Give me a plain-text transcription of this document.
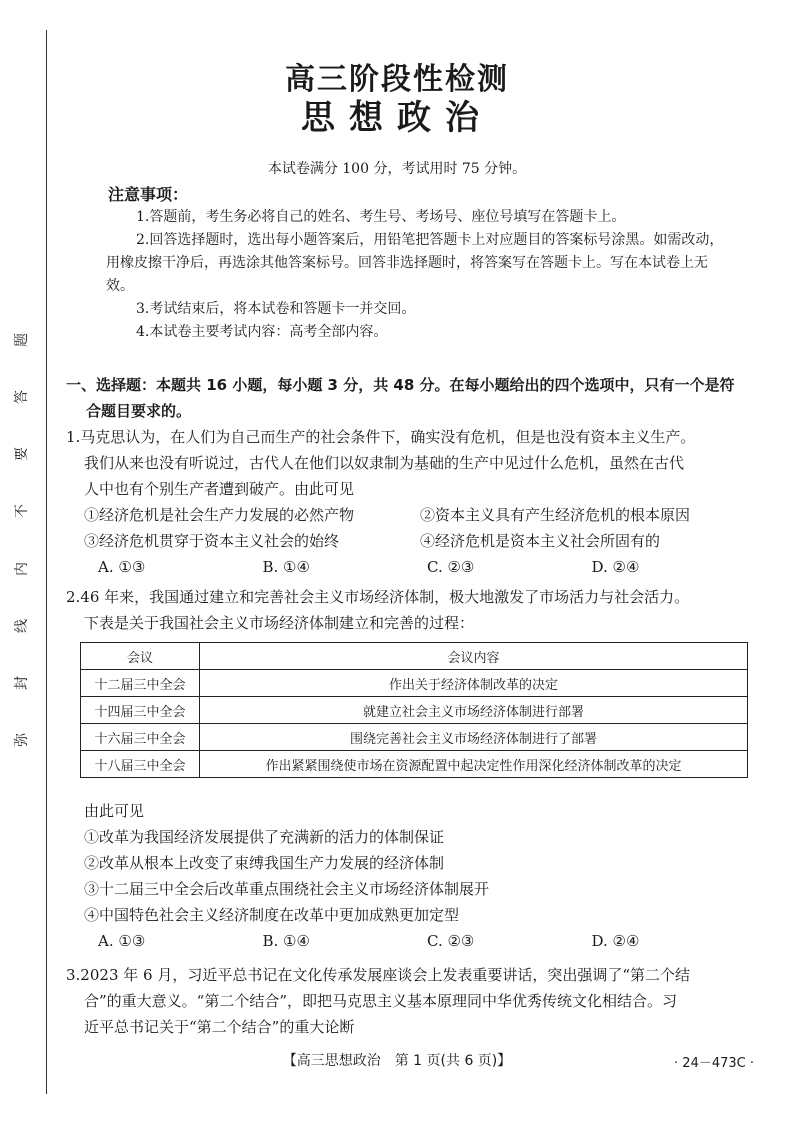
题
答
要
不
内
线
封
弥
高三阶段性检测
思想政治
本试卷满分 100 分，考试用时 75 分钟。
注意事项：

1.答题前，考生务必将自己的姓名、考生号、考场号、座位号填写在答题卡上。

2.回答选择题时，选出每小题答案后，用铅笔把答题卡上对应题目的答案标号涂黑。如需改动，用橡皮擦干净后，再选涂其他答案标号。回答非选择题时，将答案写在答题卡上。写在本试卷上无效。

3.考试结束后，将本试卷和答题卡一并交回。

4.本试卷主要考试内容：高考全部内容。

一、选择题：本题共 16 小题，每小题 3 分，共 48 分。在每小题给出的四个选项中，只有一个是符
合题目要求的。

1.马克思认为，在人们为自己而生产的社会条件下，确实没有危机，但是也没有资本主义生产。

我们从来也没有听说过，古代人在他们以奴隶制为基础的生产中见过什么危机，虽然在古代

人中也有个别生产者遭到破产。由此可见

①经济危机是社会生产力发展的必然产物	②资本主义具有产生经济危机的根本原因
③经济危机贯穿于资本主义社会的始终	④经济危机是资本主义社会所固有的
A. ①③	B. ①④	C. ②③	D. ②④

2.46 年来，我国通过建立和完善社会主义市场经济体制，极大地激发了市场活力与社会活力。

下表是关于我国社会主义市场经济体制建立和完善的过程：

会议	会议内容
十二届三中全会	作出关于经济体制改革的决定
十四届三中全会	就建立社会主义市场经济体制进行部署
十六届三中全会	围绕完善社会主义市场经济体制进行了部署
十八届三中全会	作出紧紧围绕使市场在资源配置中起决定性作用深化经济体制改革的决定

由此可见

①改革为我国经济发展提供了充满新的活力的体制保证

②改革从根本上改变了束缚我国生产力发展的经济体制

③十二届三中全会后改革重点围绕社会主义市场经济体制展开

④中国特色社会主义经济制度在改革中更加成熟更加定型

A. ①③	B. ①④	C. ②③	D. ②④

3.2023 年 6 月，习近平总书记在文化传承发展座谈会上发表重要讲话，突出强调了“第二个结

合”的重大意义。“第二个结合”，即把马克思主义基本原理同中华优秀传统文化相结合。习

近平总书记关于“第二个结合”的重大论断

【高三思想政治　第 1 页(共 6 页)】	· 24－473C ·
